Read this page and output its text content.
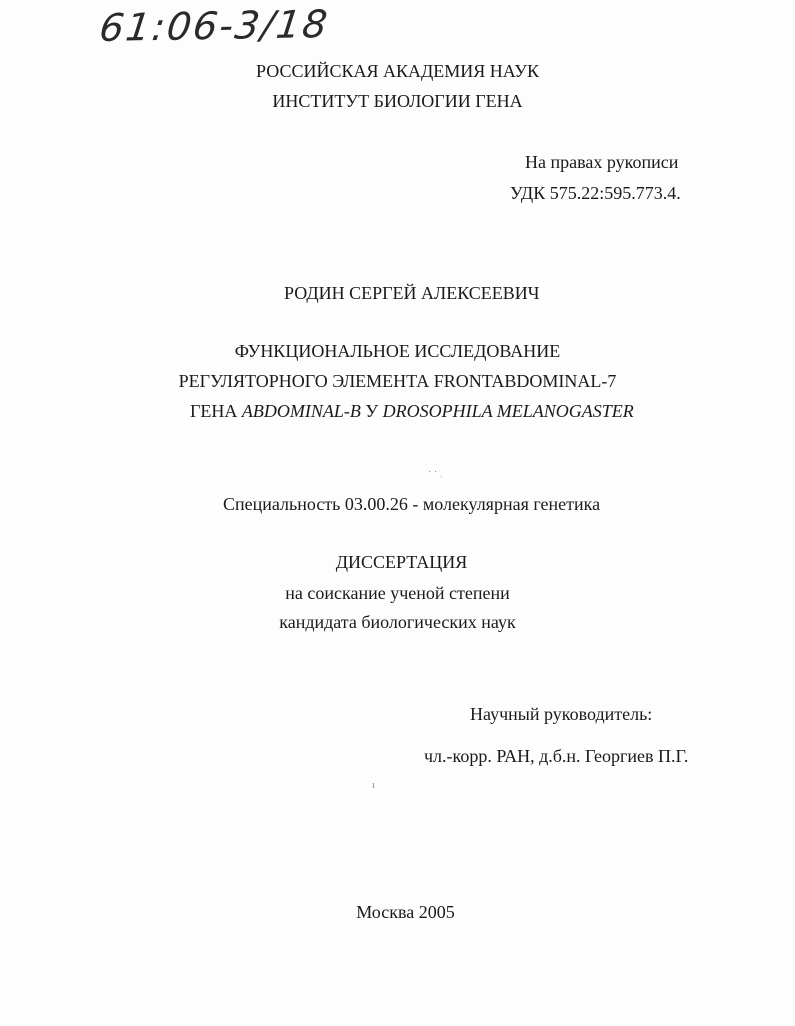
61:06-3/18
РОССИЙСКАЯ АКАДЕМИЯ НАУК
ИНСТИТУТ БИОЛОГИИ ГЕНА
На правах рукописи
УДК 575.22:595.773.4.
РОДИН СЕРГЕЙ АЛЕКСЕЕВИЧ
ФУНКЦИОНАЛЬНОЕ ИССЛЕДОВАНИЕ
РЕГУЛЯТОРНОГО ЭЛЕМЕНТА FRONTABDOMINAL-7
ГЕНА ABDOMINAL-B У DROSOPHILA MELANOGASTER
˙ ˙ ˒
Специальность 03.00.26 - молекулярная генетика
ДИССЕРТАЦИЯ
на соискание ученой степени
кандидата биологических наук
Научный руководитель:
чл.-корр. РАН, д.б.н. Георгиев П.Г.
ı
Москва 2005
